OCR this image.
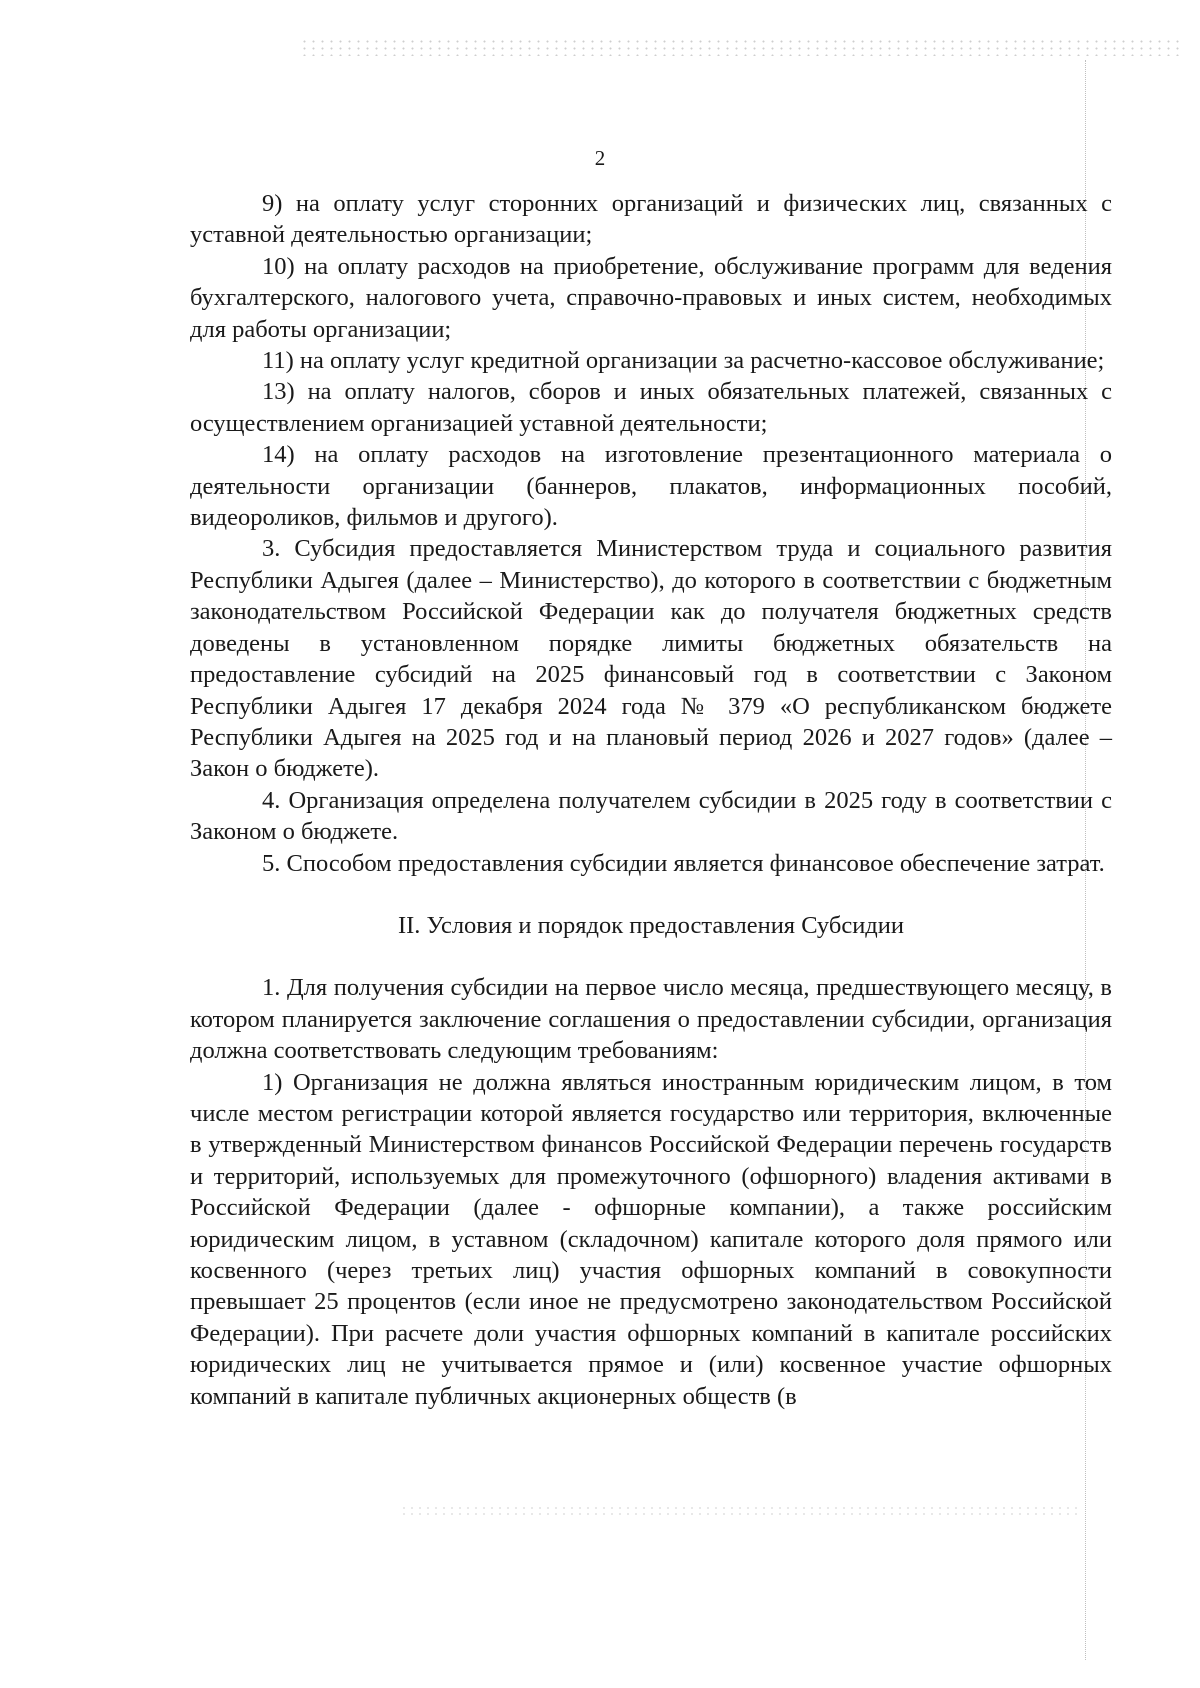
2

9) на оплату услуг сторонних организаций и физических лиц, связанных с уставной деятельностью организации;

10) на оплату расходов на приобретение, обслуживание программ для ведения бухгалтерского, налогового учета, справочно-правовых и иных систем, необходимых для работы организации;

11) на оплату услуг кредитной организации за расчетно-кассовое обслуживание;

13) на оплату налогов, сборов и иных обязательных платежей, связанных с осуществлением организацией уставной деятельности;

14) на оплату расходов на изготовление презентационного материала о деятельности организации (баннеров, плакатов, информационных пособий, видеороликов, фильмов и другого).

3. Субсидия предоставляется Министерством труда и социального развития Республики Адыгея (далее – Министерство), до которого в соответствии с бюджетным законодательством Российской Федерации как до получателя бюджетных средств доведены в установленном порядке лимиты бюджетных обязательств на предоставление субсидий на 2025 финансовый год в соответствии с Законом Республики Адыгея 17 декабря 2024 года № 379 «О республиканском бюджете Республики Адыгея на 2025 год и на плановый период 2026 и 2027 годов» (далее – Закон о бюджете).

4. Организация определена получателем субсидии в 2025 году в соответствии с Законом о бюджете.

5. Способом предоставления субсидии является финансовое обеспечение затрат.

II. Условия и порядок предоставления Субсидии

1. Для получения субсидии на первое число месяца, предшествующего месяцу, в котором планируется заключение соглашения о предоставлении субсидии, организация должна соответствовать следующим требованиям:

1) Организация не должна являться иностранным юридическим лицом, в том числе местом регистрации которой является государство или территория, включенные в утвержденный Министерством финансов Российской Федерации перечень государств и территорий, используемых для промежуточного (офшорного) владения активами в Российской Федерации (далее - офшорные компании), а также российским юридическим лицом, в уставном (складочном) капитале которого доля прямого или косвенного (через третьих лиц) участия офшорных компаний в совокупности превышает 25 процентов (если иное не предусмотрено законодательством Российской Федерации). При расчете доли участия офшорных компаний в капитале российских юридических лиц не учитывается прямое и (или) косвенное участие офшорных компаний в капитале публичных акционерных обществ (в
